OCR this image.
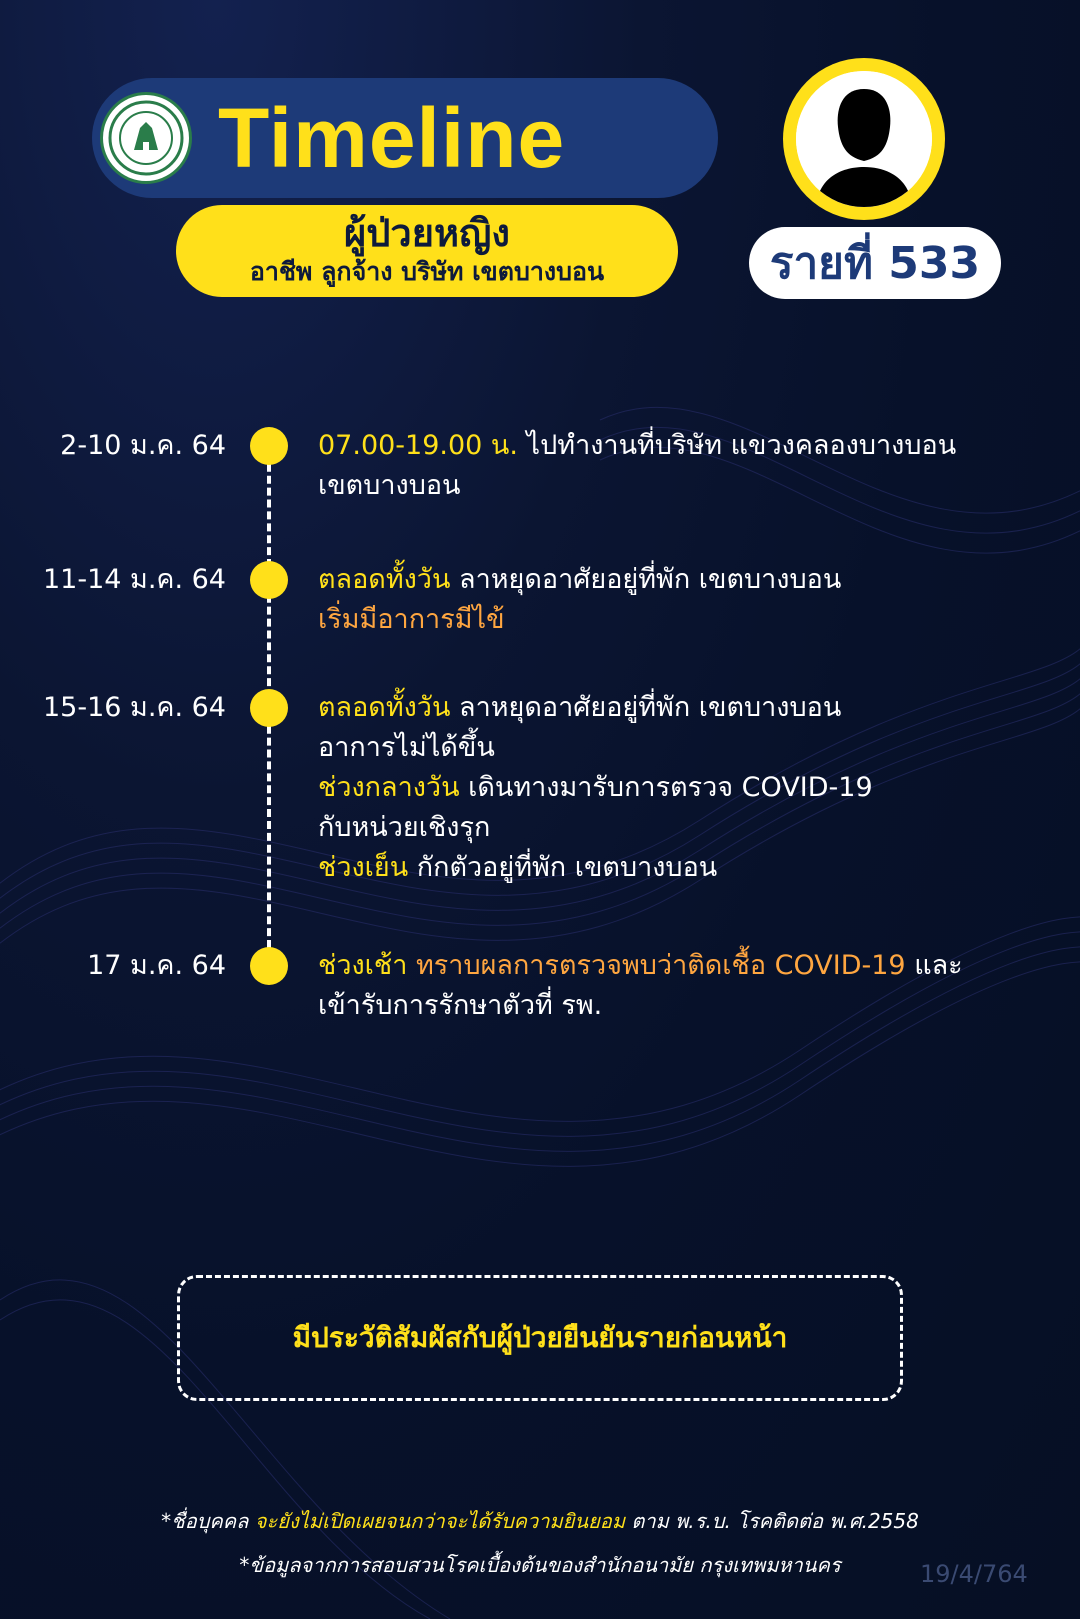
Timeline
ผู้ป่วยหญิง
อาชีพ ลูกจ้าง บริษัท เขตบางบอน	รายที่ 533
2-10 ม.ค. 64	07.00-19.00 น. ไปทำงานที่บริษัท แขวงคลองบางบอน
เขตบางบอน
11-14 ม.ค. 64	ตลอดทั้งวัน ลาหยุดอาศัยอยู่ที่พัก เขตบางบอน
เริ่มมีอาการมีไข้
15-16 ม.ค. 64	ตลอดทั้งวัน ลาหยุดอาศัยอยู่ที่พัก เขตบางบอน
อาการไม่ได้ขึ้น
ช่วงกลางวัน เดินทางมารับการตรวจ COVID-19
กับหน่วยเชิงรุก
ช่วงเย็น กักตัวอยู่ที่พัก เขตบางบอน
17 ม.ค. 64	ช่วงเช้า ทราบผลการตรวจพบว่าติดเชื้อ COVID-19 และ
เข้ารับการรักษาตัวที่ รพ.
มีประวัติสัมผัสกับผู้ป่วยยืนยันรายก่อนหน้า
*ชื่อบุคคล จะยังไม่เปิดเผยจนกว่าจะได้รับความยินยอม ตาม พ.ร.บ. โรคติดต่อ พ.ศ.2558
*ข้อมูลจากการสอบสวนโรคเบื้องต้นของสำนักอนามัย กรุงเทพมหานคร	19/4/764
